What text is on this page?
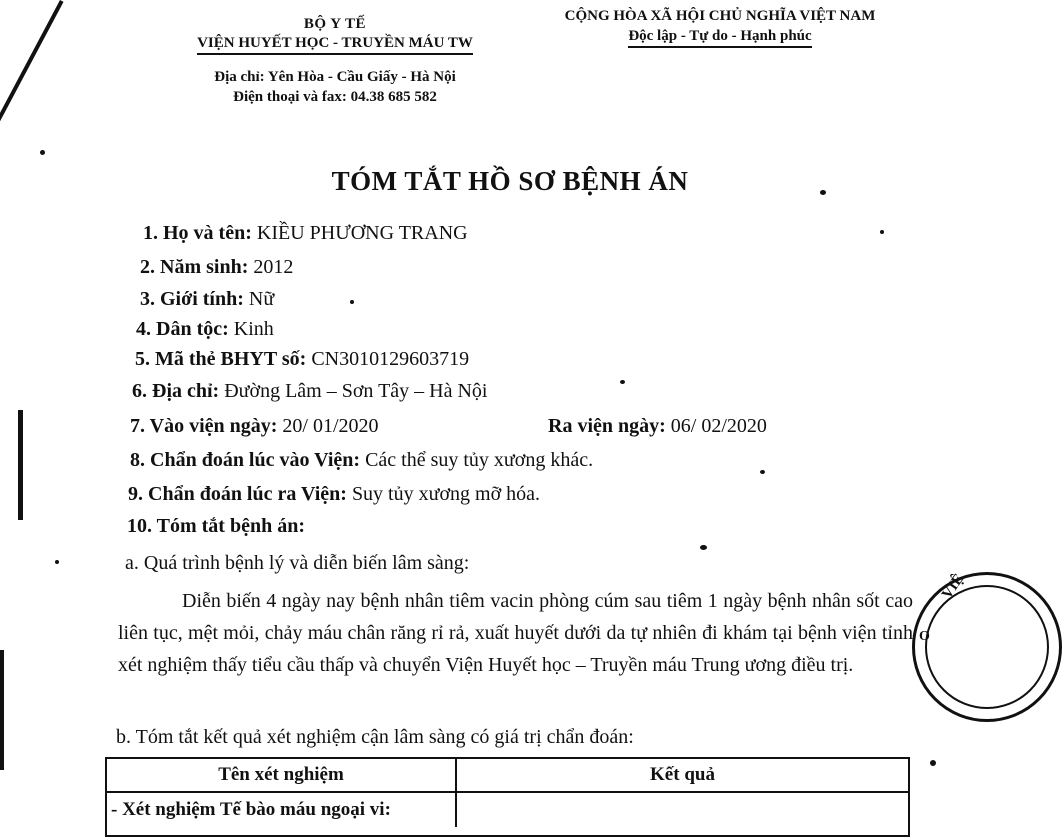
BỘ Y TẾ
VIỆN HUYẾT HỌC - TRUYỀN MÁU TW
Địa chỉ: Yên Hòa - Cầu Giấy - Hà Nội
Điện thoại và fax: 04.38 685 582
CỘNG HÒA XÃ HỘI CHỦ NGHĨA VIỆT NAM
Độc lập - Tự do - Hạnh phúc
TÓM TẮT HỒ SƠ BỆNH ÁN
1. Họ và tên: KIỀU PHƯƠNG TRANG
2. Năm sinh: 2012
3. Giới tính: Nữ
4. Dân tộc: Kinh
5. Mã thẻ BHYT số: CN3010129603719
6. Địa chỉ: Đường Lâm – Sơn Tây – Hà Nội
7. Vào viện ngày: 20/ 01/2020	Ra viện ngày: 06/ 02/2020
8. Chẩn đoán lúc vào Viện: Các thể suy tủy xương khác.
9. Chẩn đoán lúc ra Viện: Suy tủy xương mỡ hóa.
10. Tóm tắt bệnh án:
a. Quá trình bệnh lý và diễn biến lâm sàng:
Diễn biến 4 ngày nay bệnh nhân tiêm vacin phòng cúm sau tiêm 1 ngày bệnh nhân sốt cao liên tục, mệt mỏi, chảy máu chân răng rỉ rả, xuất huyết dưới da tự nhiên đi khám tại bệnh viện tỉnh xét nghiệm thấy tiểu cầu thấp và chuyển Viện Huyết học – Truyền máu Trung ương điều trị.
b. Tóm tắt kết quả xét nghiệm cận lâm sàng có giá trị chẩn đoán:
Tên xét nghiệm	Kết quả
- Xét nghiệm Tế bào máu ngoại vi:
VIỆ
O
